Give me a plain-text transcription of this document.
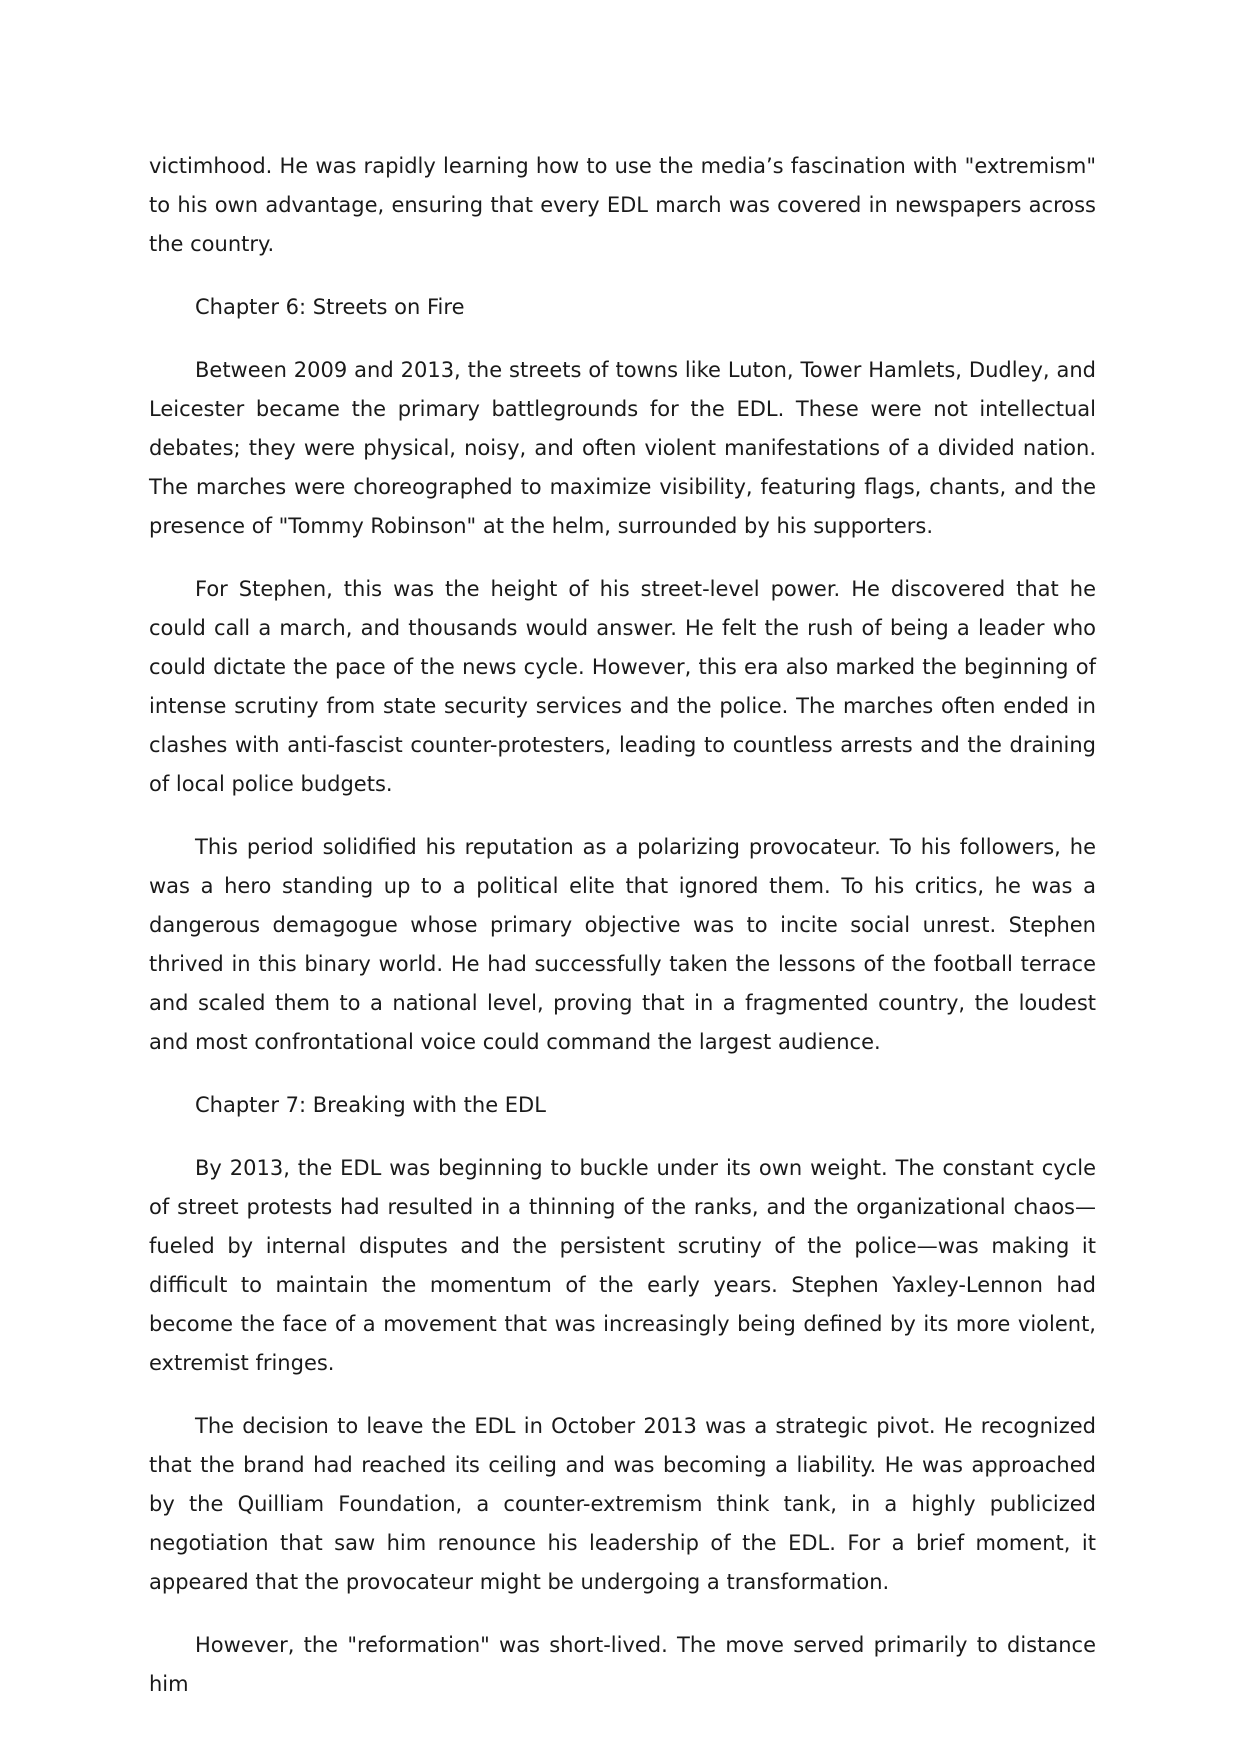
victimhood. He was rapidly learning how to use the media’s fascination with "extremism" to his own advantage, ensuring that every EDL march was covered in newspapers across the country.

Chapter 6: Streets on Fire

Between 2009 and 2013, the streets of towns like Luton, Tower Hamlets, Dudley, and Leicester became the primary battlegrounds for the EDL. These were not intellectual debates; they were physical, noisy, and often violent manifestations of a divided nation. The marches were choreographed to maximize visibility, featuring flags, chants, and the presence of "Tommy Robinson" at the helm, surrounded by his supporters.

For Stephen, this was the height of his street-level power. He discovered that he could call a march, and thousands would answer. He felt the rush of being a leader who could dictate the pace of the news cycle. However, this era also marked the beginning of intense scrutiny from state security services and the police. The marches often ended in clashes with anti-fascist counter-protesters, leading to countless arrests and the draining of local police budgets.

This period solidified his reputation as a polarizing provocateur. To his followers, he was a hero standing up to a political elite that ignored them. To his critics, he was a dangerous demagogue whose primary objective was to incite social unrest. Stephen thrived in this binary world. He had successfully taken the lessons of the football terrace and scaled them to a national level, proving that in a fragmented country, the loudest and most confrontational voice could command the largest audience.

Chapter 7: Breaking with the EDL

By 2013, the EDL was beginning to buckle under its own weight. The constant cycle of street protests had resulted in a thinning of the ranks, and the organizational chaos—fueled by internal disputes and the persistent scrutiny of the police—was making it difficult to maintain the momentum of the early years. Stephen Yaxley-Lennon had become the face of a movement that was increasingly being defined by its more violent, extremist fringes.

The decision to leave the EDL in October 2013 was a strategic pivot. He recognized that the brand had reached its ceiling and was becoming a liability. He was approached by the Quilliam Foundation, a counter-extremism think tank, in a highly publicized negotiation that saw him renounce his leadership of the EDL. For a brief moment, it appeared that the provocateur might be undergoing a transformation.

However, the "reformation" was short-lived. The move served primarily to distance him
